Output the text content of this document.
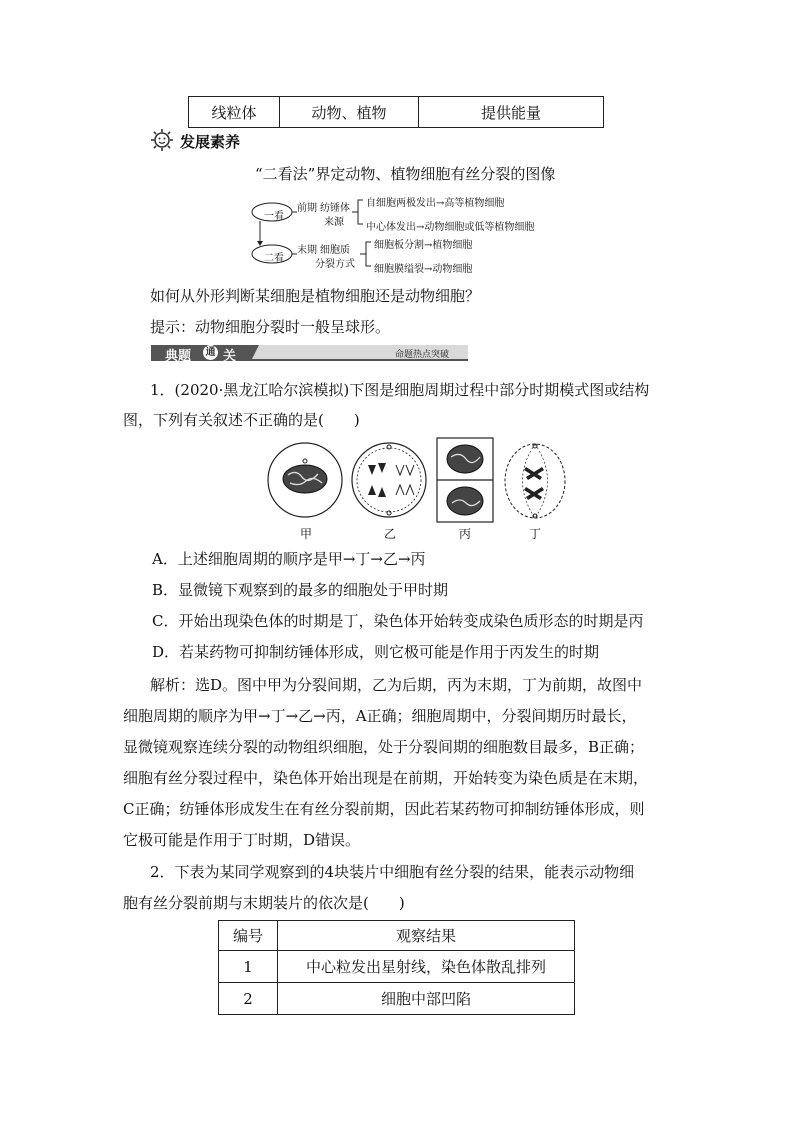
线粒体	动物、植物	提供能量
发展素养
“二看法”界定动物、植物细胞有丝分裂的图像
一看
二看
前期 纺锤体
来源
自细胞两极发出→高等植物细胞
中心体发出→动物细胞或低等植物细胞
末期 细胞质
分裂方式
细胞板分割→植物细胞
细胞膜缢裂→动物细胞
如何从外形判断某细胞是植物细胞还是动物细胞？
提示：动物细胞分裂时一般呈球形。
典题 通 关	命题热点突破
1．(2020·黑龙江哈尔滨模拟)下图是细胞周期过程中部分时期模式图或结构
图，下列有关叙述不正确的是(　　)
甲	乙	丙	丁
A．上述细胞周期的顺序是甲→丁→乙→丙
B．显微镜下观察到的最多的细胞处于甲时期
C．开始出现染色体的时期是丁，染色体开始转变成染色质形态的时期是丙
D．若某药物可抑制纺锤体形成，则它极可能是作用于丙发生的时期
解析：选D。图中甲为分裂间期，乙为后期，丙为末期，丁为前期，故图中
细胞周期的顺序为甲→丁→乙→丙，A正确；细胞周期中，分裂间期历时最长，
显微镜观察连续分裂的动物组织细胞，处于分裂间期的细胞数目最多，B正确；
细胞有丝分裂过程中，染色体开始出现是在前期，开始转变为染色质是在末期，
C正确；纺锤体形成发生在有丝分裂前期，因此若某药物可抑制纺锤体形成，则
它极可能是作用于丁时期，D错误。
2．下表为某同学观察到的4块装片中细胞有丝分裂的结果，能表示动物细
胞有丝分裂前期与末期装片的依次是(　　)
编号	观察结果
1	中心粒发出星射线，染色体散乱排列
2	细胞中部凹陷
